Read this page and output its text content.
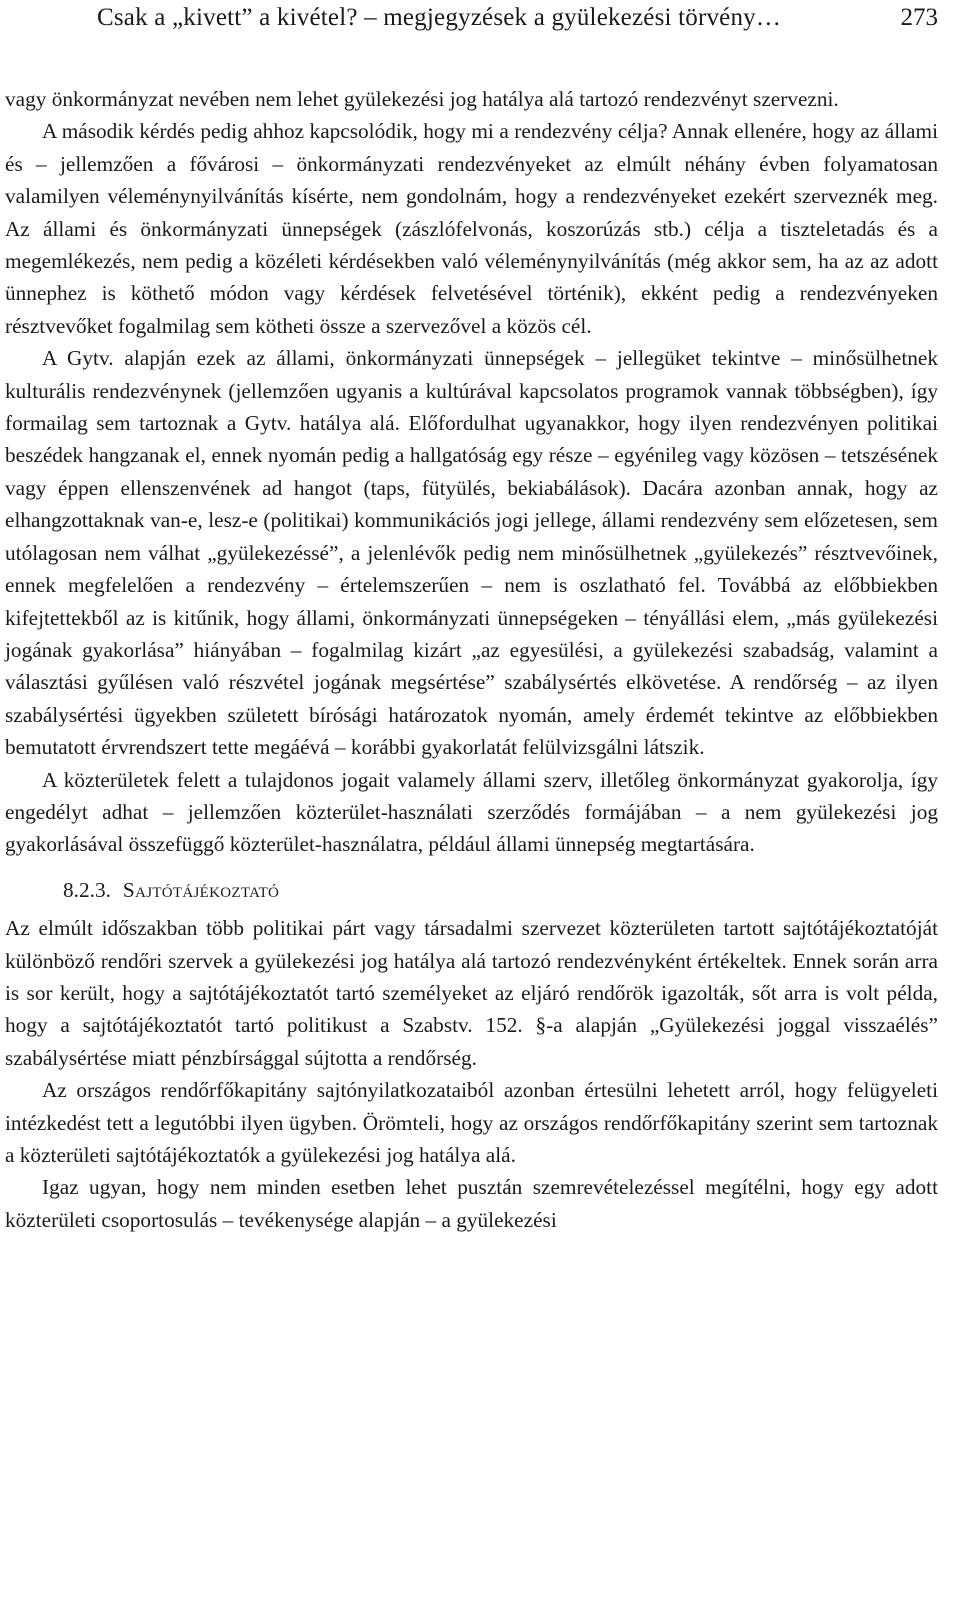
Csak a „kivett” a kivétel? – megjegyzések a gyülekezési törvény…	273

vagy önkormányzat nevében nem lehet gyülekezési jog hatálya alá tartozó rendezvényt szervezni.

A második kérdés pedig ahhoz kapcsolódik, hogy mi a rendezvény célja? Annak ellenére, hogy az állami és – jellemzően a fővárosi – önkormányzati rendezvényeket az elmúlt néhány évben folyamatosan valamilyen véleménynyilvánítás kísérte, nem gondolnám, hogy a rendezvényeket ezekért szerveznék meg. Az állami és önkormányzati ünnepségek (zászlófelvonás, koszorúzás stb.) célja a tiszteletadás és a megemlékezés, nem pedig a közéleti kérdésekben való véleménynyilvánítás (még akkor sem, ha az az adott ünnephez is köthető módon vagy kérdések felvetésével történik), ekként pedig a rendezvényeken résztvevőket fogalmilag sem kötheti össze a szervezővel a közös cél.

A Gytv. alapján ezek az állami, önkormányzati ünnepségek – jellegüket tekintve – minősülhetnek kulturális rendezvénynek (jellemzően ugyanis a kultúrával kapcsolatos programok vannak többségben), így formailag sem tartoznak a Gytv. hatálya alá. Előfordulhat ugyanakkor, hogy ilyen rendezvényen politikai beszédek hangzanak el, ennek nyomán pedig a hallgatóság egy része – egyénileg vagy közösen – tetszésének vagy éppen ellenszenvének ad hangot (taps, fütyülés, bekiabálások). Dacára azonban annak, hogy az elhangzottaknak van-e, lesz-e (politikai) kommunikációs jogi jellege, állami rendezvény sem előzetesen, sem utólagosan nem válhat „gyülekezéssé”, a jelenlévők pedig nem minősülhetnek „gyülekezés” résztvevőinek, ennek megfelelően a rendezvény – értelemszerűen – nem is oszlatható fel. Továbbá az előbbiekben kifejtettekből az is kitűnik, hogy állami, önkormányzati ünnepségeken – tényállási elem, „más gyülekezési jogának gyakorlása” hiányában – fogalmilag kizárt „az egyesülési, a gyülekezési szabadság, valamint a választási gyűlésen való részvétel jogának megsértése” szabálysértés elkövetése. A rendőrség – az ilyen szabálysértési ügyekben született bírósági határozatok nyomán, amely érdemét tekintve az előbbiekben bemutatott érvrendszert tette megáévá – korábbi gyakorlatát felülvizsgálni látszik.

A közterületek felett a tulajdonos jogait valamely állami szerv, illetőleg önkormányzat gyakorolja, így engedélyt adhat – jellemzően közterület-használati szerződés formájában – a nem gyülekezési jog gyakorlásával összefüggő közterület-használatra, például állami ünnepség megtartására.

8.2.3. Sajtótájékoztató

Az elmúlt időszakban több politikai párt vagy társadalmi szervezet közterületen tartott sajtótájékoztatóját különböző rendőri szervek a gyülekezési jog hatálya alá tartozó rendezvényként értékeltek. Ennek során arra is sor került, hogy a sajtótájékoztatót tartó személyeket az eljáró rendőrök igazolták, sőt arra is volt példa, hogy a sajtótájékoztatót tartó politikust a Szabstv. 152. §-a alapján „Gyülekezési joggal visszaélés” szabálysértése miatt pénzbírsággal sújtotta a rendőrség.

Az országos rendőrfőkapitány sajtónyilatkozataiból azonban értesülni lehetett arról, hogy felügyeleti intézkedést tett a legutóbbi ilyen ügyben. Örömteli, hogy az országos rendőrfőkapitány szerint sem tartoznak a közterületi sajtótájékoztatók a gyülekezési jog hatálya alá.

Igaz ugyan, hogy nem minden esetben lehet pusztán szemrevételezéssel megítélni, hogy egy adott közterületi csoportosulás – tevékenysége alapján – a gyülekezési
